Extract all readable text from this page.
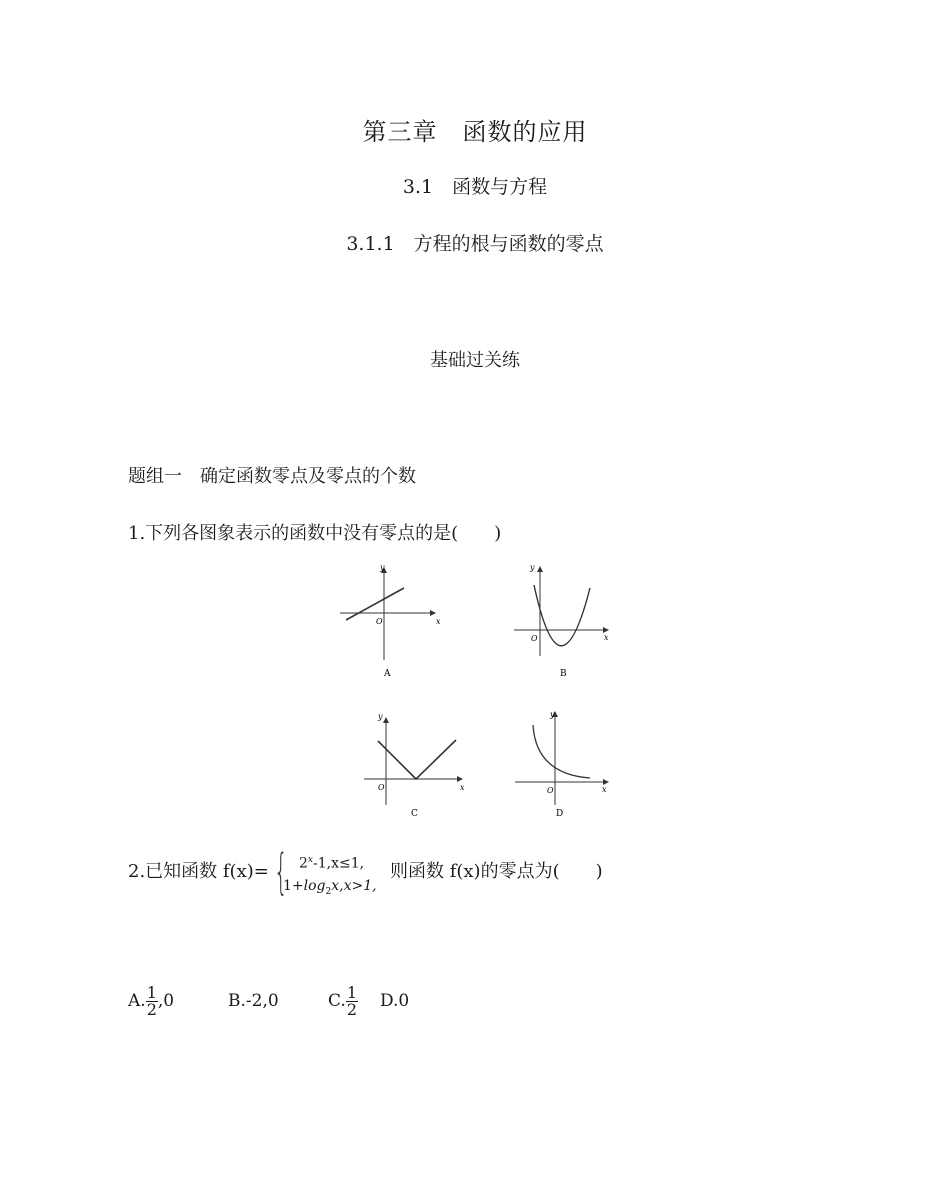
第三章　函数的应用
3.1　函数与方程
3.1.1　方程的根与函数的零点
基础过关练
题组一　确定函数零点及零点的个数
1.下列各图象表示的函数中没有零点的是(　　)
y
x
O
A
y
x
O
B
y
x
O
C
y
x
O
D
2.已知函数 f(x)= { $2^x-1,x\le 1$,
$1+\log_2x,x>1$,
则函数 f(x)的零点为(　　)
A. $\frac{1}{2} ,0$	B.-2,0	C. $\frac{1}{2} D.0$
